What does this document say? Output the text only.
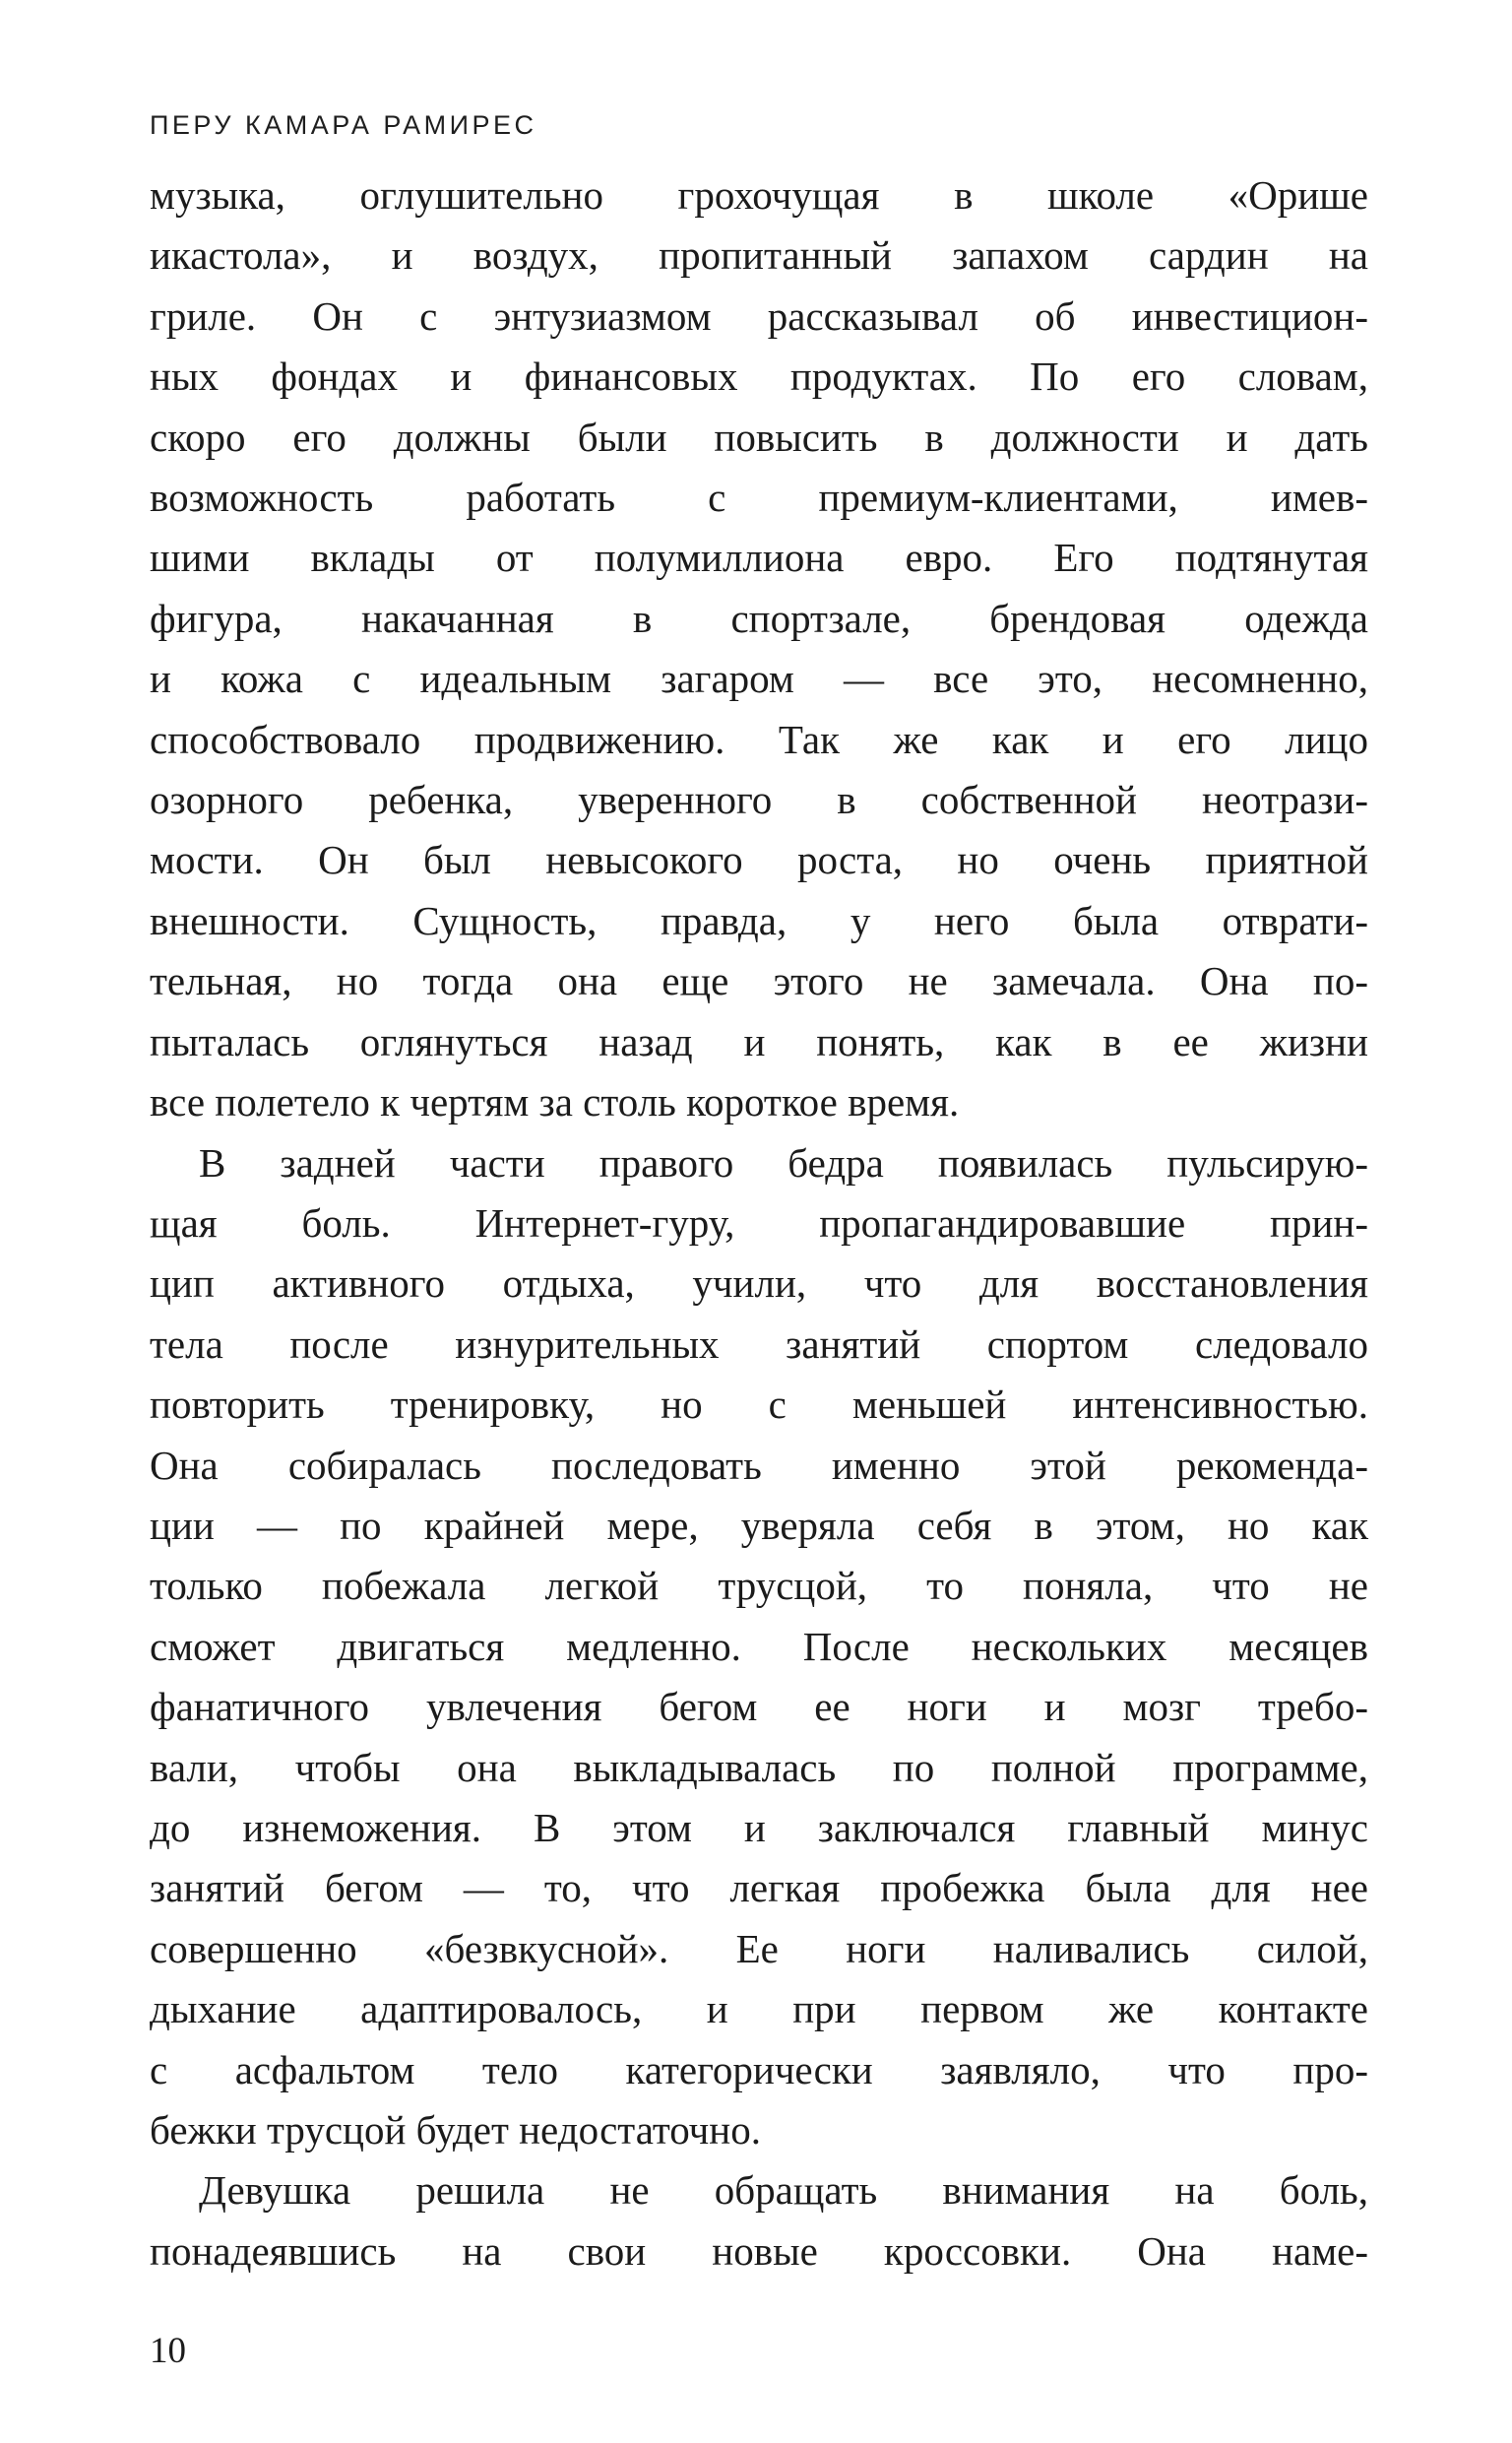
ПЕРУ КАМАРА РАМИРЕС
музыка, оглушительно грохочущая в школе «Орише
икастола», и воздух, пропитанный запахом сардин на
гриле. Он с энтузиазмом рассказывал об инвестицион-
ных фондах и финансовых продуктах. По его словам,
скоро его должны были повысить в должности и дать
возможность работать с премиум-клиентами, имев-
шими вклады от полумиллиона евро. Его подтянутая
фигура, накачанная в спортзале, брендовая одежда
и кожа с идеальным загаром — все это, несомненно,
способствовало продвижению. Так же как и его лицо
озорного ребенка, уверенного в собственной неотрази-
мости. Он был невысокого роста, но очень приятной
внешности. Сущность, правда, у него была отврати-
тельная, но тогда она еще этого не замечала. Она по-
пыталась оглянуться назад и понять, как в ее жизни
все полетело к чертям за столь короткое время.
В задней части правого бедра появилась пульсирую-
щая боль. Интернет-гуру, пропагандировавшие прин-
цип активного отдыха, учили, что для восстановления
тела после изнурительных занятий спортом следовало
повторить тренировку, но с меньшей интенсивностью.
Она собиралась последовать именно этой рекоменда-
ции — по крайней мере, уверяла себя в этом, но как
только побежала легкой трусцой, то поняла, что не
сможет двигаться медленно. После нескольких месяцев
фанатичного увлечения бегом ее ноги и мозг требо-
вали, чтобы она выкладывалась по полной программе,
до изнеможения. В этом и заключался главный минус
занятий бегом — то, что легкая пробежка была для нее
совершенно «безвкусной». Ее ноги наливались силой,
дыхание адаптировалось, и при первом же контакте
с асфальтом тело категорически заявляло, что про-
бежки трусцой будет недостаточно.
Девушка решила не обращать внимания на боль,
понадеявшись на свои новые кроссовки. Она наме-
10
